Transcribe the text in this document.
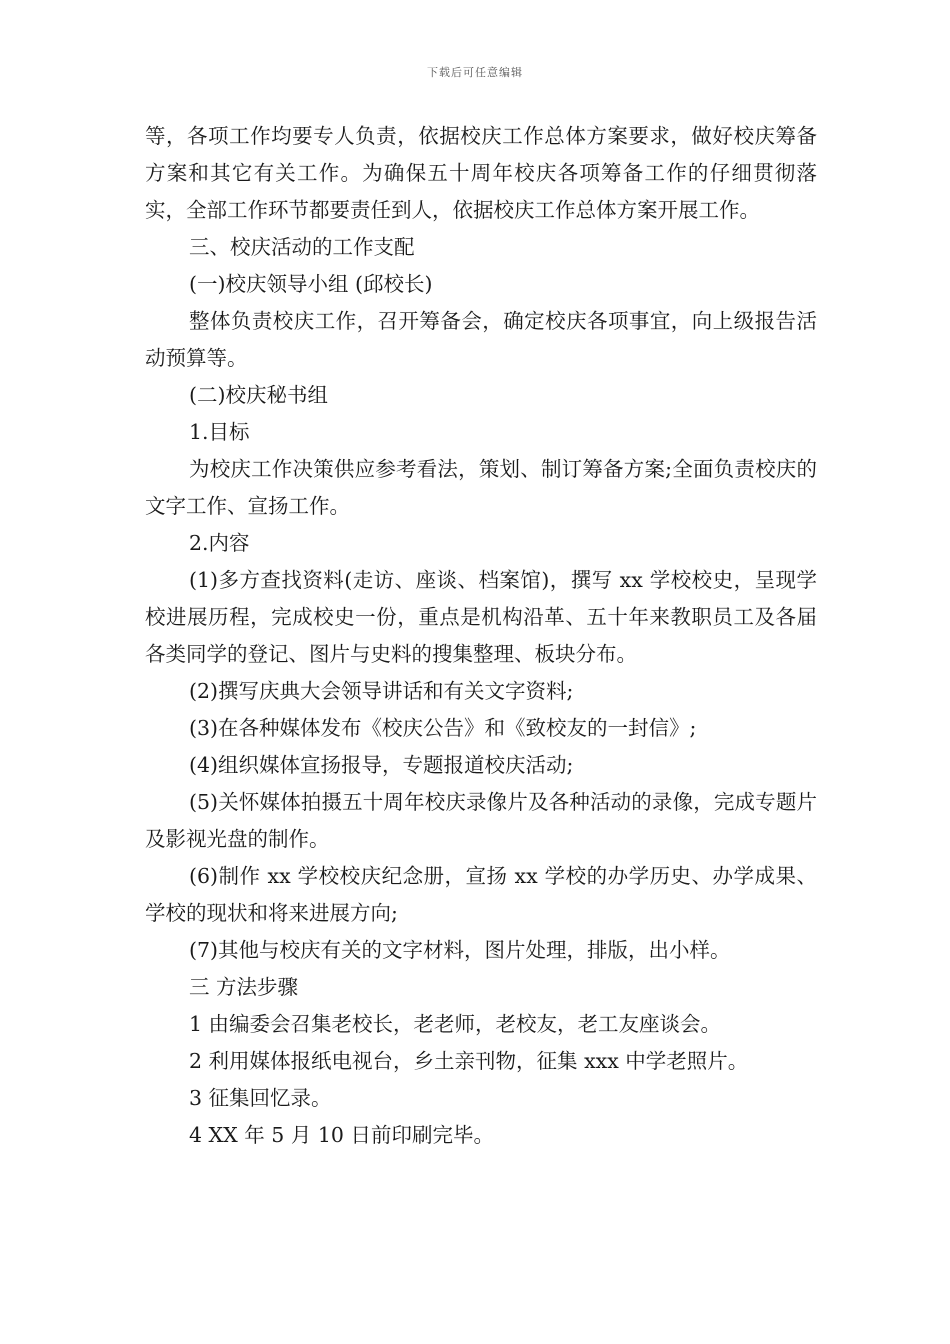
下载后可任意编辑

等，各项工作均要专人负责，依据校庆工作总体方案要求，做好校庆筹备方案和其它有关工作。为确保五十周年校庆各项筹备工作的仔细贯彻落实，全部工作环节都要责任到人，依据校庆工作总体方案开展工作。

三、校庆活动的工作支配

(一)校庆领导小组 (邱校长)

整体负责校庆工作，召开筹备会，确定校庆各项事宜，向上级报告活动预算等。

(二)校庆秘书组

1.目标

为校庆工作决策供应参考看法，策划、制订筹备方案;全面负责校庆的文字工作、宣扬工作。

2.内容

(1)多方查找资料(走访、座谈、档案馆)，撰写 xx 学校校史，呈现学校进展历程，完成校史一份，重点是机构沿革、五十年来教职员工及各届各类同学的登记、图片与史料的搜集整理、板块分布。

(2)撰写庆典大会领导讲话和有关文字资料;

(3)在各种媒体发布《校庆公告》和《致校友的一封信》;

(4)组织媒体宣扬报导，专题报道校庆活动;

(5)关怀媒体拍摄五十周年校庆录像片及各种活动的录像，完成专题片及影视光盘的制作。

(6)制作 xx 学校校庆纪念册，宣扬 xx 学校的办学历史、办学成果、学校的现状和将来进展方向;

(7)其他与校庆有关的文字材料，图片处理，排版，出小样。

三 方法步骤

1 由编委会召集老校长，老老师，老校友，老工友座谈会。

2 利用媒体报纸电视台，乡土亲刊物，征集 xxx 中学老照片。

3 征集回忆录。

4 XX 年 5 月 10 日前印刷完毕。
